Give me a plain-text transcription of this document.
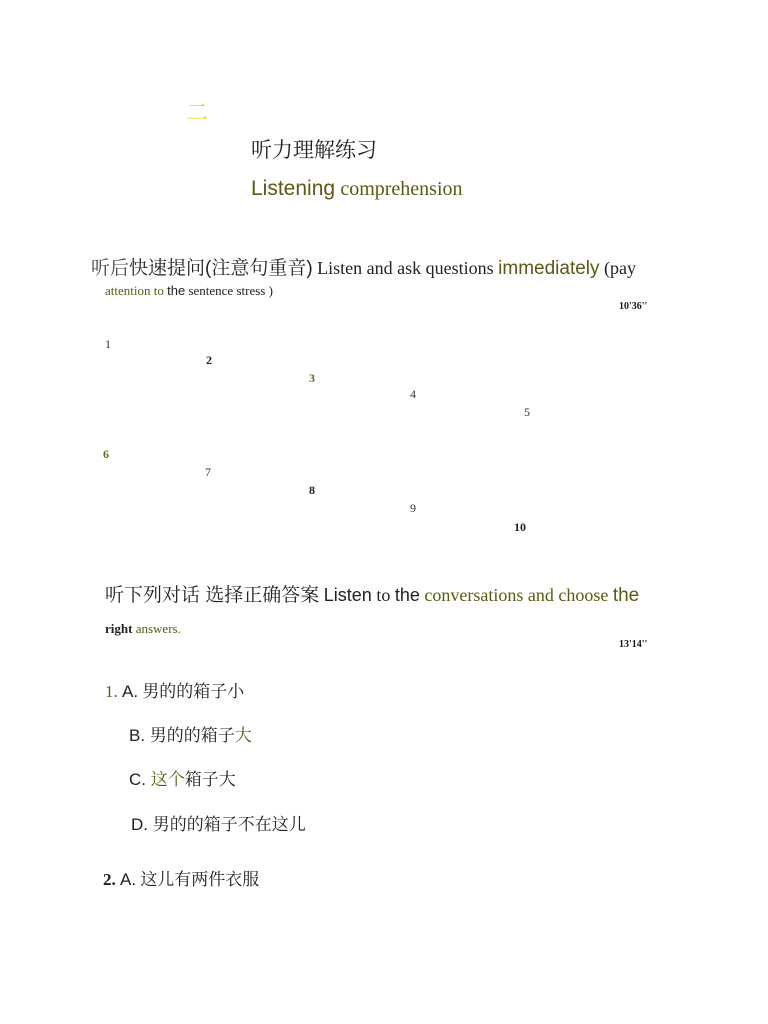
二
听力理解练习
Listening comprehension
听后快速提问(注意句重音) Listen and ask questions immediately (pay
attention to the sentence stress )
10'36''
1
2
3
4
5
6
7
8
9
10
听下列对话 选择正确答案 Listen to the conversations and choose the
right answers.
13'14''
1. A. 男的的箱子小
B. 男的的箱子大
C. 这个箱子大
D. 男的的箱子不在这儿
2. A. 这儿有两件衣服
